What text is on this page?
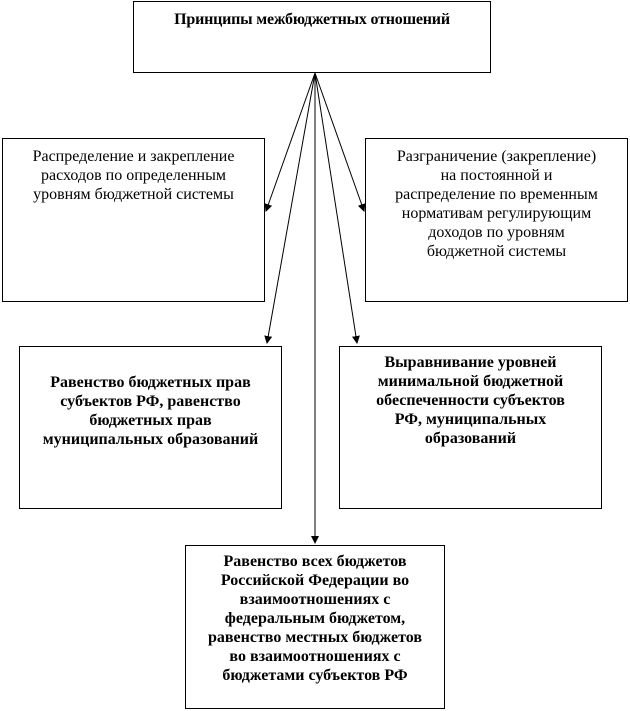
Принципы межбюджетных отношений
Распределение и закрепление
расходов по определенным
уровням бюджетной системы
Разграничение (закрепление)
на постоянной и
распределение по временным
нормативам регулирующим
доходов по уровням
бюджетной системы
Равенство бюджетных прав
субъектов РФ, равенство
бюджетных прав
муниципальных образований
Выравнивание уровней
минимальной бюджетной
обеспеченности субъектов
РФ, муниципальных
образований
Равенство всех бюджетов
Российской Федерации во
взаимоотношениях с
федеральным бюджетом,
равенство местных бюджетов
во взаимоотношениях с
бюджетами субъектов РФ
